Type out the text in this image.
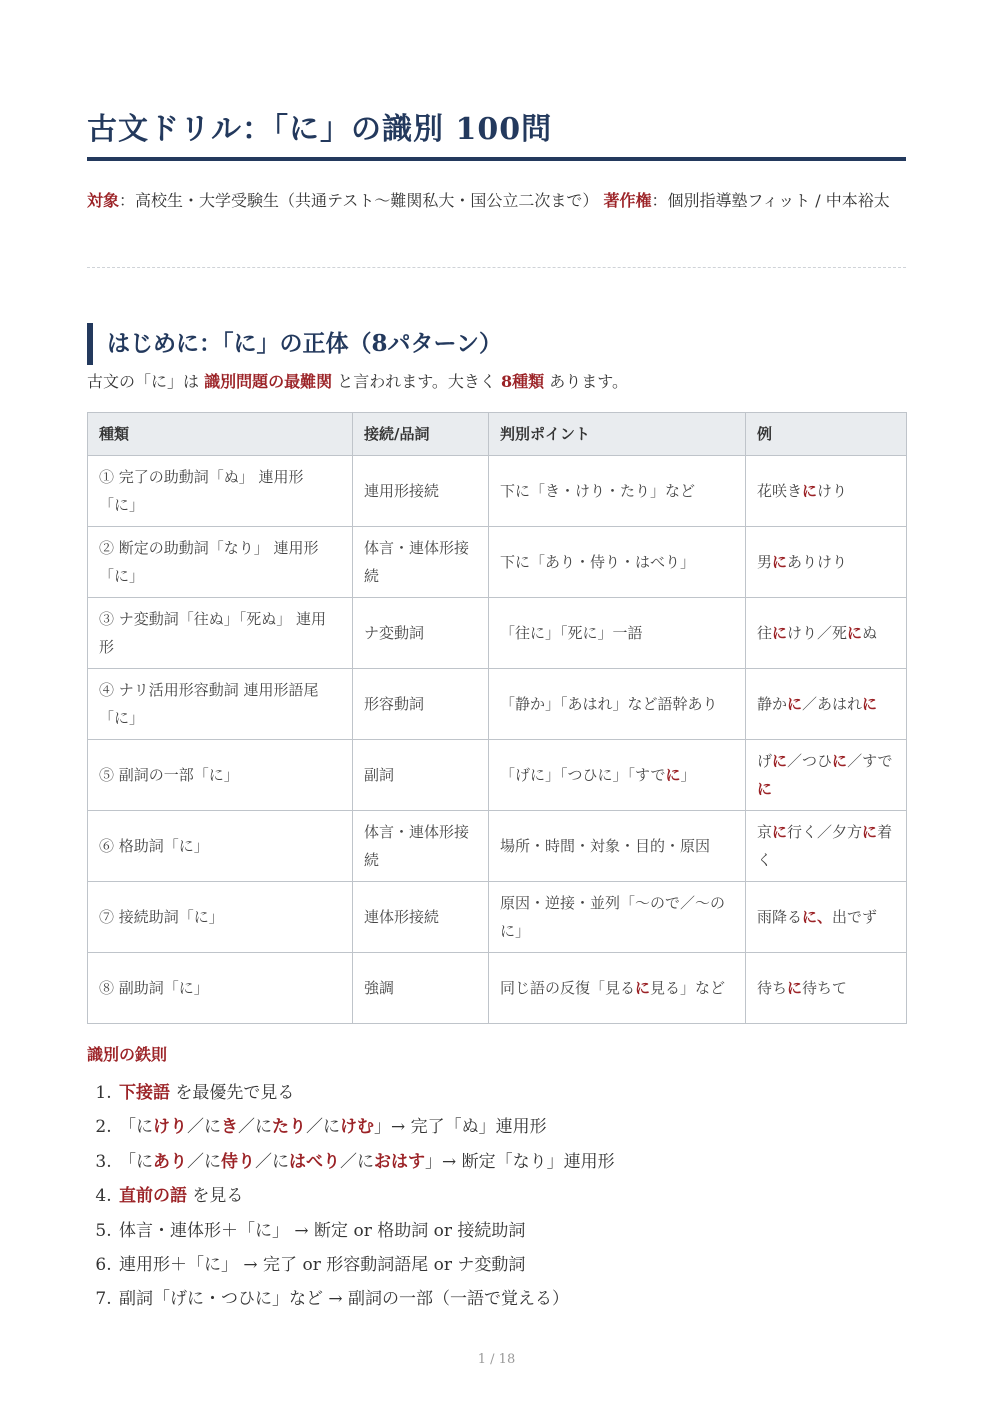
古文ドリル：「に」の識別 100問
対象：高校生・大学受験生（共通テスト〜難関私大・国公立二次まで） 著作権：個別指導塾フィット / 中本裕太
はじめに：「に」の正体（8パターン）
古文の「に」は 識別問題の最難関 と言われます。大きく 8種類 あります。
種類	接続/品詞	判別ポイント	例
① 完了の助動詞「ぬ」 連用形「に」	連用形接続	下に「き・けり・たり」など	花咲きにけり
② 断定の助動詞「なり」 連用形「に」	体言・連体形接続	下に「あり・侍り・はべり」	男にありけり
③ ナ変動詞「往ぬ」「死ぬ」 連用形	ナ変動詞	「往に」「死に」一語	往にけり／死にぬ
④ ナリ活用形容動詞 連用形語尾「に」	形容動詞	「静か」「あはれ」など語幹あり	静かに／あはれに
⑤ 副詞の一部「に」	副詞	「げに」「つひに」「すでに」	げに／つひに／すでに
⑥ 格助詞「に」	体言・連体形接続	場所・時間・対象・目的・原因	京に行く／夕方に着く
⑦ 接続助詞「に」	連体形接続	原因・逆接・並列「〜ので／〜のに」	雨降るに、出でず
⑧ 副助詞「に」	強調	同じ語の反復「見るに見る」など	待ちに待ちて
識別の鉄則
1. 下接語 を最優先で見る
2. 「にけり／にき／にたり／にけむ」→ 完了「ぬ」連用形
3. 「にあり／に侍り／にはべり／におはす」→ 断定「なり」連用形
4. 直前の語 を見る
5. 体言・連体形＋「に」 → 断定 or 格助詞 or 接続助詞
6. 連用形＋「に」 → 完了 or 形容動詞語尾 or ナ変動詞
7. 副詞「げに・つひに」など → 副詞の一部（一語で覚える）
1 / 18
